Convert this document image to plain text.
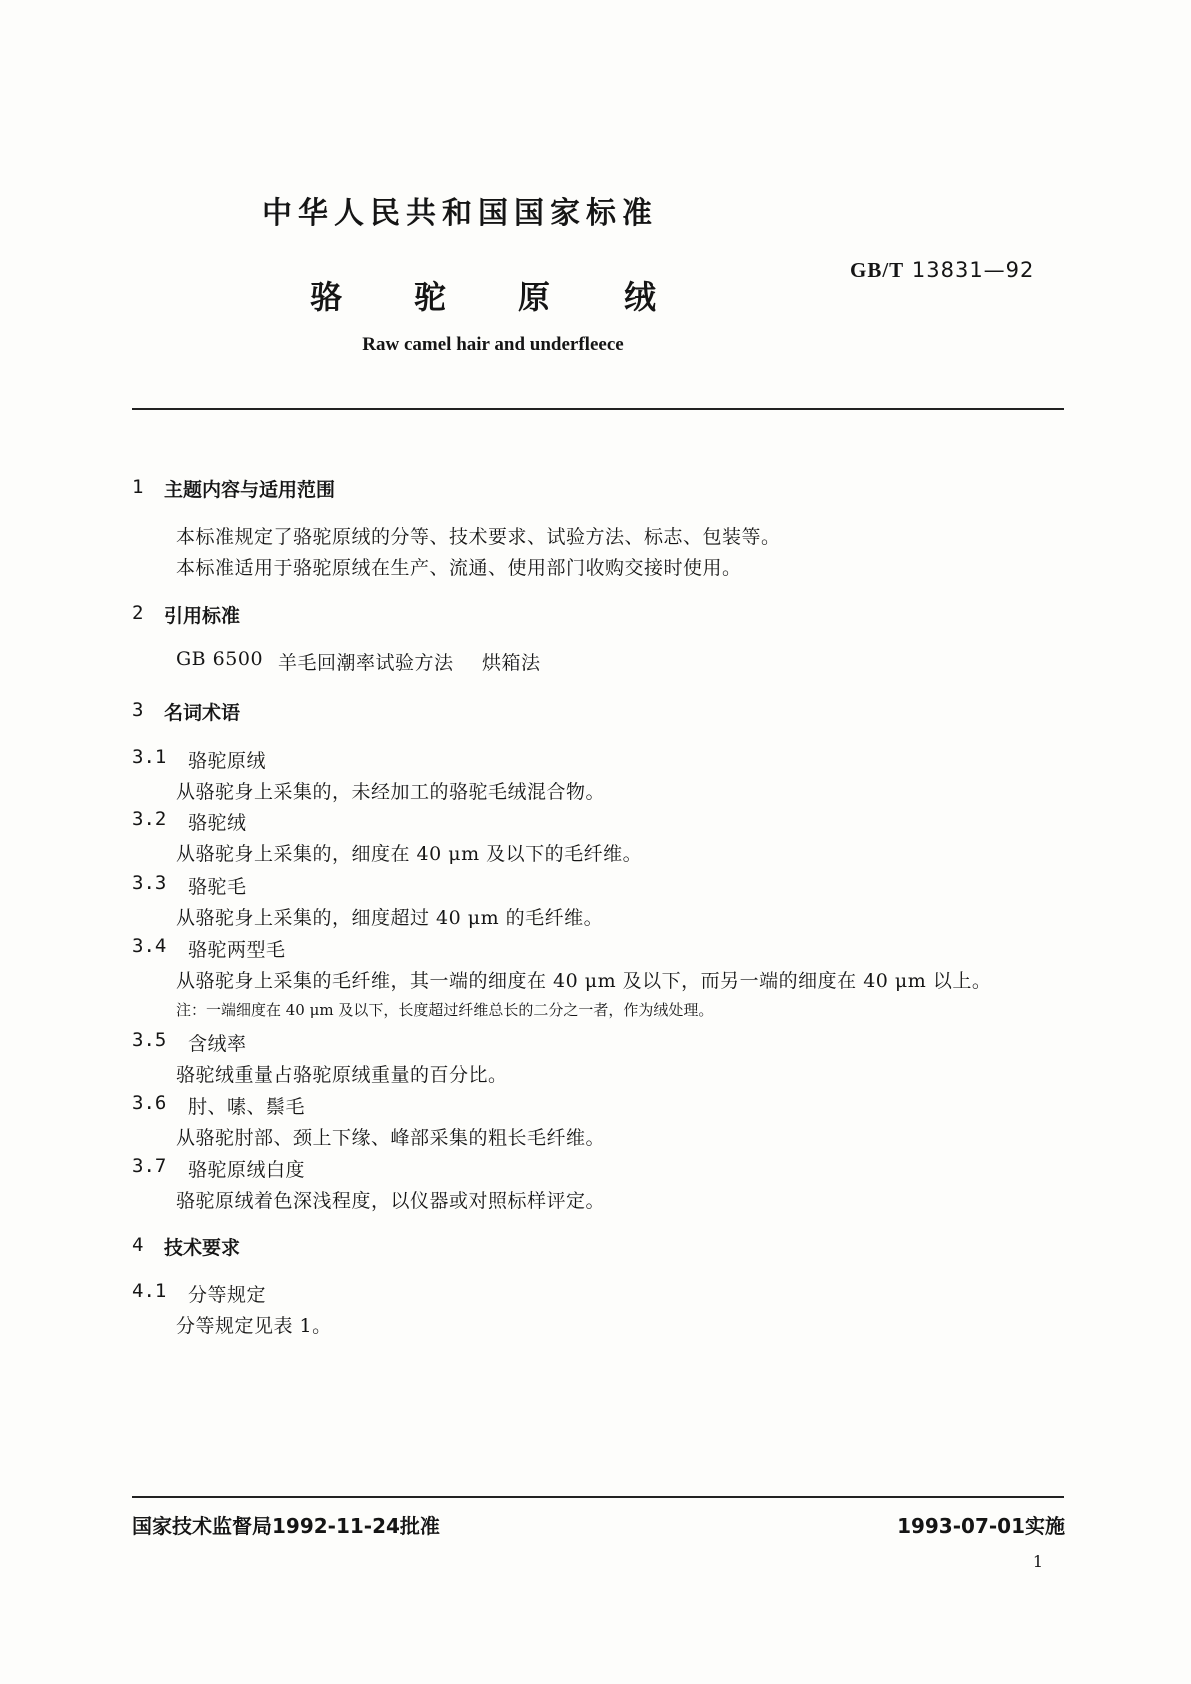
中华人民共和国国家标准
GB/T 13831—92
骆 驼 原 绒
Raw camel hair and underfleece
1 主题内容与适用范围
本标准规定了骆驼原绒的分等、技术要求、试验方法、标志、包装等。
本标准适用于骆驼原绒在生产、流通、使用部门收购交接时使用。
2 引用标准
GB 6500 羊毛回潮率试验方法 烘箱法
3 名词术语
3.1 骆驼原绒
从骆驼身上采集的，未经加工的骆驼毛绒混合物。
3.2 骆驼绒
从骆驼身上采集的，细度在 40 μm 及以下的毛纤维。
3.3 骆驼毛
从骆驼身上采集的，细度超过 40 μm 的毛纤维。
3.4 骆驼两型毛
从骆驼身上采集的毛纤维，其一端的细度在 40 μm 及以下，而另一端的细度在 40 μm 以上。
注：一端细度在 40 μm 及以下，长度超过纤维总长的二分之一者，作为绒处理。
3.5 含绒率
骆驼绒重量占骆驼原绒重量的百分比。
3.6 肘、嗉、鬃毛
从骆驼肘部、颈上下缘、峰部采集的粗长毛纤维。
3.7 骆驼原绒白度
骆驼原绒着色深浅程度，以仪器或对照标样评定。
4 技术要求
4.1 分等规定
分等规定见表 1。
国家技术监督局1992-11-24批准	1993-07-01实施
1
